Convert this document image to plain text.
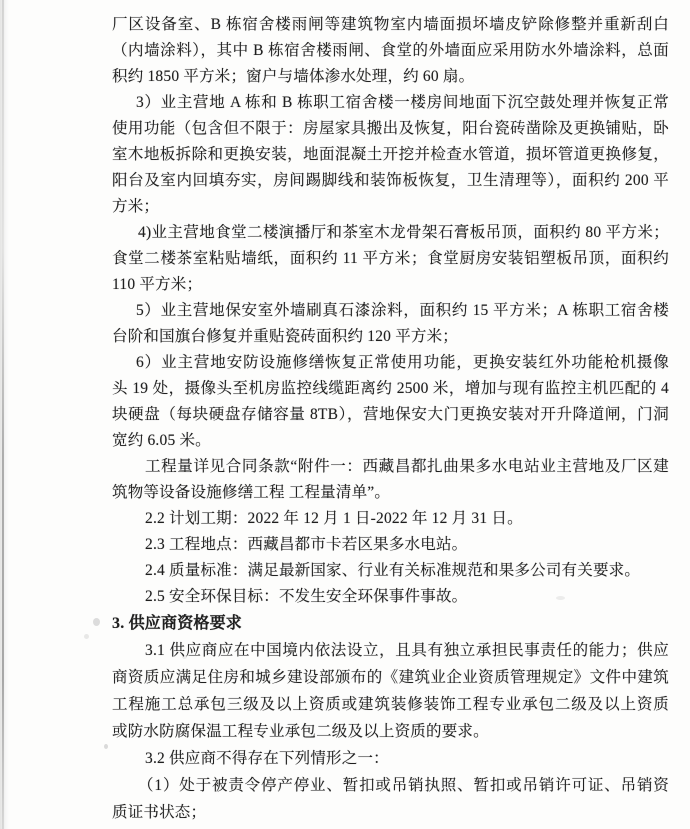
厂区设备室、B 栋宿舍楼雨闸等建筑物室内墙面损坏墙皮铲除修整并重新刮白
（内墙涂料），其中 B 栋宿舍楼雨闸、食堂的外墙面应采用防水外墙涂料，总面
积约 1850 平方米；窗户与墙体渗水处理，约 60 扇。
3）业主营地 A 栋和 B 栋职工宿舍楼一楼房间地面下沉空鼓处理并恢复正常
使用功能（包含但不限于：房屋家具搬出及恢复，阳台瓷砖凿除及更换铺贴，卧
室木地板拆除和更换安装，地面混凝土开挖并检查水管道，损坏管道更换修复，
阳台及室内回填夯实，房间踢脚线和装饰板恢复，卫生清理等），面积约 200 平
方米；
4)业主营地食堂二楼演播厅和茶室木龙骨架石膏板吊顶，面积约 80 平方米；
食堂二楼茶室粘贴墙纸，面积约 11 平方米；食堂厨房安装铝塑板吊顶，面积约
110 平方米；
5）业主营地保安室外墙刷真石漆涂料，面积约 15 平方米；A 栋职工宿舍楼
台阶和国旗台修复并重贴瓷砖面积约 120 平方米；
6）业主营地安防设施修缮恢复正常使用功能，更换安装红外功能枪机摄像
头 19 处，摄像头至机房监控线缆距离约 2500 米，增加与现有监控主机匹配的 4
块硬盘（每块硬盘存储容量 8TB），营地保安大门更换安装对开升降道闸，门洞
宽约 6.05 米。
工程量详见合同条款“附件一：西藏昌都扎曲果多水电站业主营地及厂区建
筑物等设备设施修缮工程 工程量清单”。
2.2 计划工期：2022 年 12 月 1 日-2022 年 12 月 31 日。
2.3 工程地点：西藏昌都市卡若区果多水电站。
2.4 质量标准：满足最新国家、行业有关标准规范和果多公司有关要求。
2.5 安全环保目标：不发生安全环保事件事故。
3. 供应商资格要求
3.1 供应商应在中国境内依法设立，且具有独立承担民事责任的能力；供应
商资质应满足住房和城乡建设部颁布的《建筑业企业资质管理规定》文件中建筑
工程施工总承包三级及以上资质或建筑装修装饰工程专业承包二级及以上资质
或防水防腐保温工程专业承包二级及以上资质的要求。
3.2 供应商不得存在下列情形之一：
（1）处于被责令停产停业、暂扣或吊销执照、暂扣或吊销许可证、吊销资
质证书状态；
